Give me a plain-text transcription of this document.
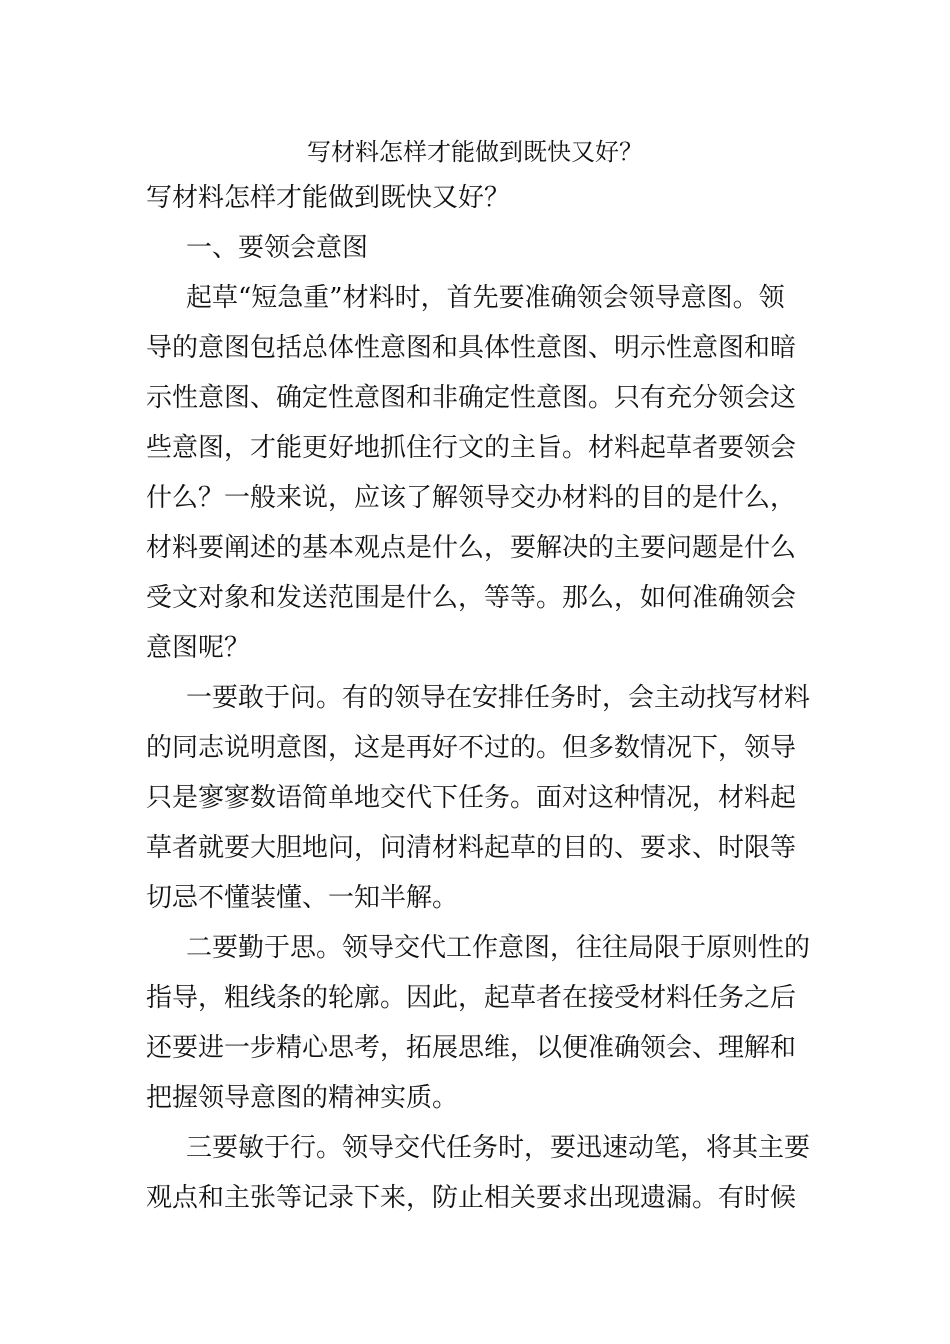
写材料怎样才能做到既快又好？
写材料怎样才能做到既快又好？
一、要领会意图
起草“短急重”材料时，首先要准确领会领导意图。领
导的意图包括总体性意图和具体性意图、明示性意图和暗
示性意图、确定性意图和非确定性意图。只有充分领会这
些意图，才能更好地抓住行文的主旨。材料起草者要领会
什么？一般来说，应该了解领导交办材料的目的是什么，
材料要阐述的基本观点是什么，要解决的主要问题是什么
受文对象和发送范围是什么，等等。那么，如何准确领会
意图呢？
一要敢于问。有的领导在安排任务时，会主动找写材料
的同志说明意图，这是再好不过的。但多数情况下，领导
只是寥寥数语简单地交代下任务。面对这种情况，材料起
草者就要大胆地问，问清材料起草的目的、要求、时限等
切忌不懂装懂、一知半解。
二要勤于思。领导交代工作意图，往往局限于原则性的
指导，粗线条的轮廓。因此，起草者在接受材料任务之后
还要进一步精心思考，拓展思维，以便准确领会、理解和
把握领导意图的精神实质。
三要敏于行。领导交代任务时，要迅速动笔，将其主要
观点和主张等记录下来，防止相关要求出现遗漏。有时候
